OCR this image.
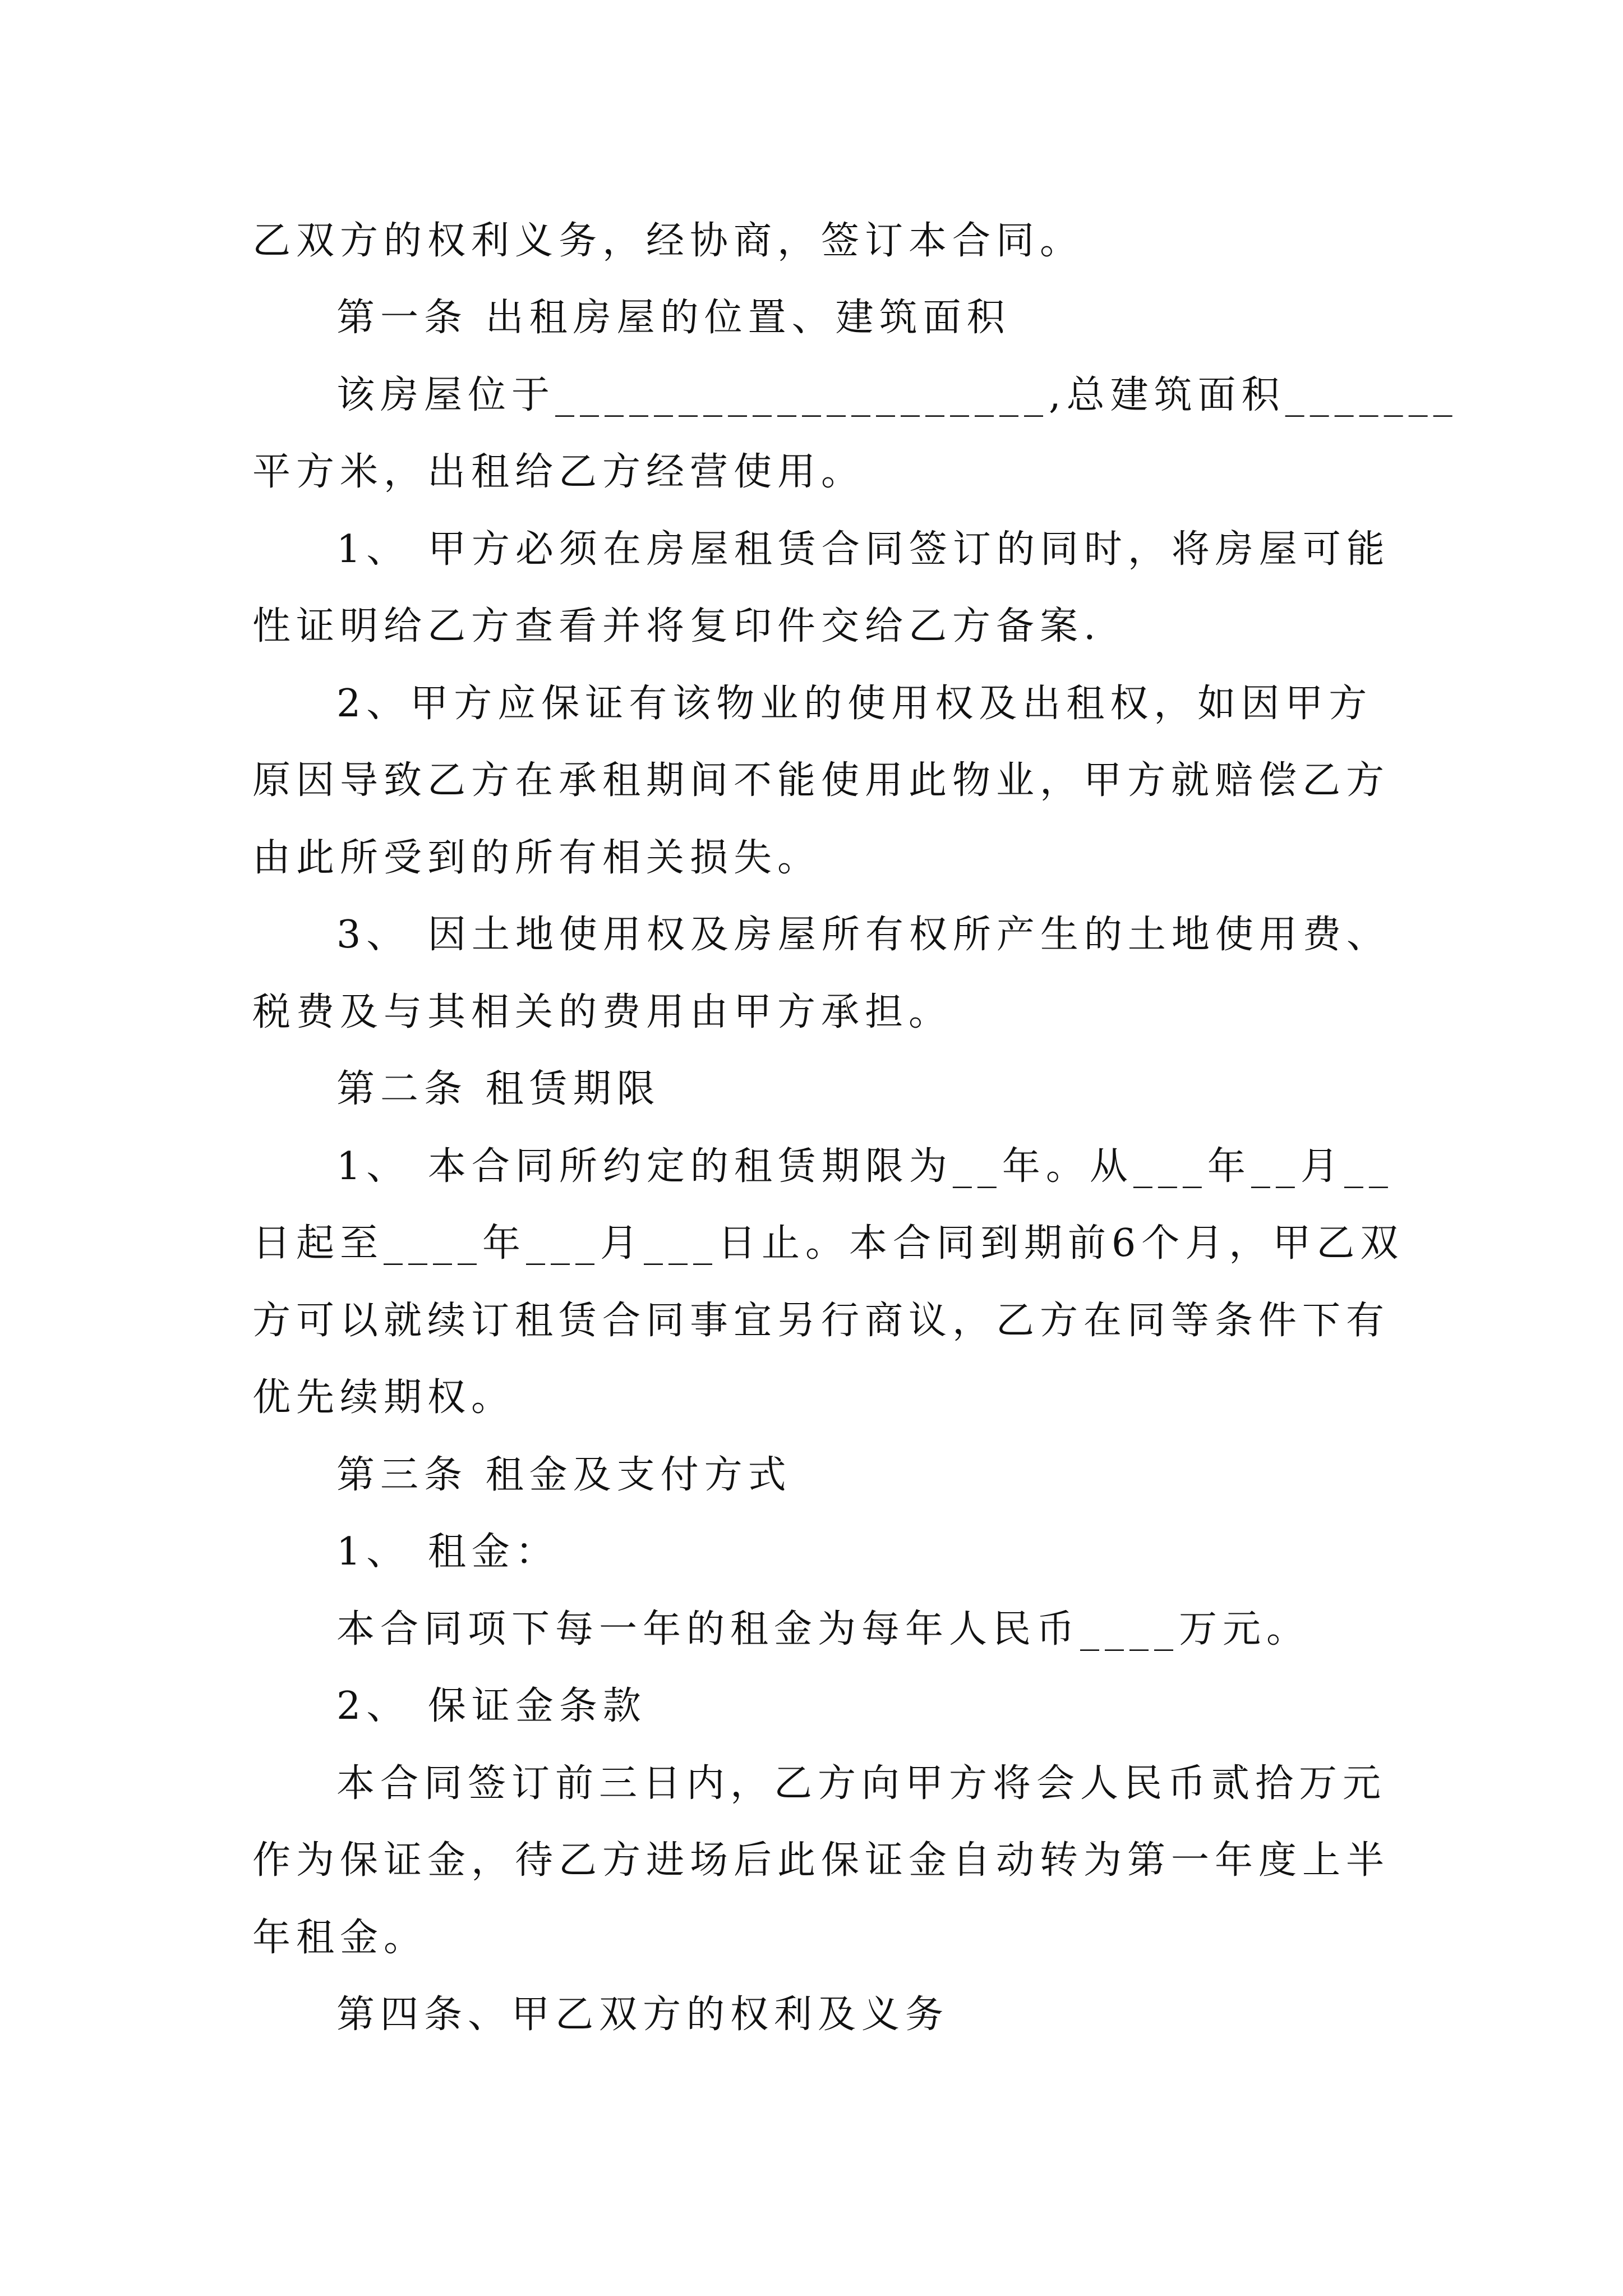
乙双方的权利义务，经协商，签订本合同。
第一条 出租房屋的位置、建筑面积
该房屋位于____________________,总建筑面积_______
平方米，出租给乙方经营使用。
1、 甲方必须在房屋租赁合同签订的同时，将房屋可能
性证明给乙方查看并将复印件交给乙方备案.
2、甲方应保证有该物业的使用权及出租权，如因甲方
原因导致乙方在承租期间不能使用此物业，甲方就赔偿乙方
由此所受到的所有相关损失。
3、 因土地使用权及房屋所有权所产生的土地使用费、
税费及与其相关的费用由甲方承担。
第二条 租赁期限
1、 本合同所约定的租赁期限为__年。从___年__月__
日起至____年___月___日止。本合同到期前6个月，甲乙双
方可以就续订租赁合同事宜另行商议，乙方在同等条件下有
优先续期权。
第三条 租金及支付方式
1、 租金：
本合同项下每一年的租金为每年人民币____万元。
2、 保证金条款
本合同签订前三日内，乙方向甲方将会人民币贰拾万元
作为保证金，待乙方进场后此保证金自动转为第一年度上半
年租金。
第四条、甲乙双方的权利及义务
